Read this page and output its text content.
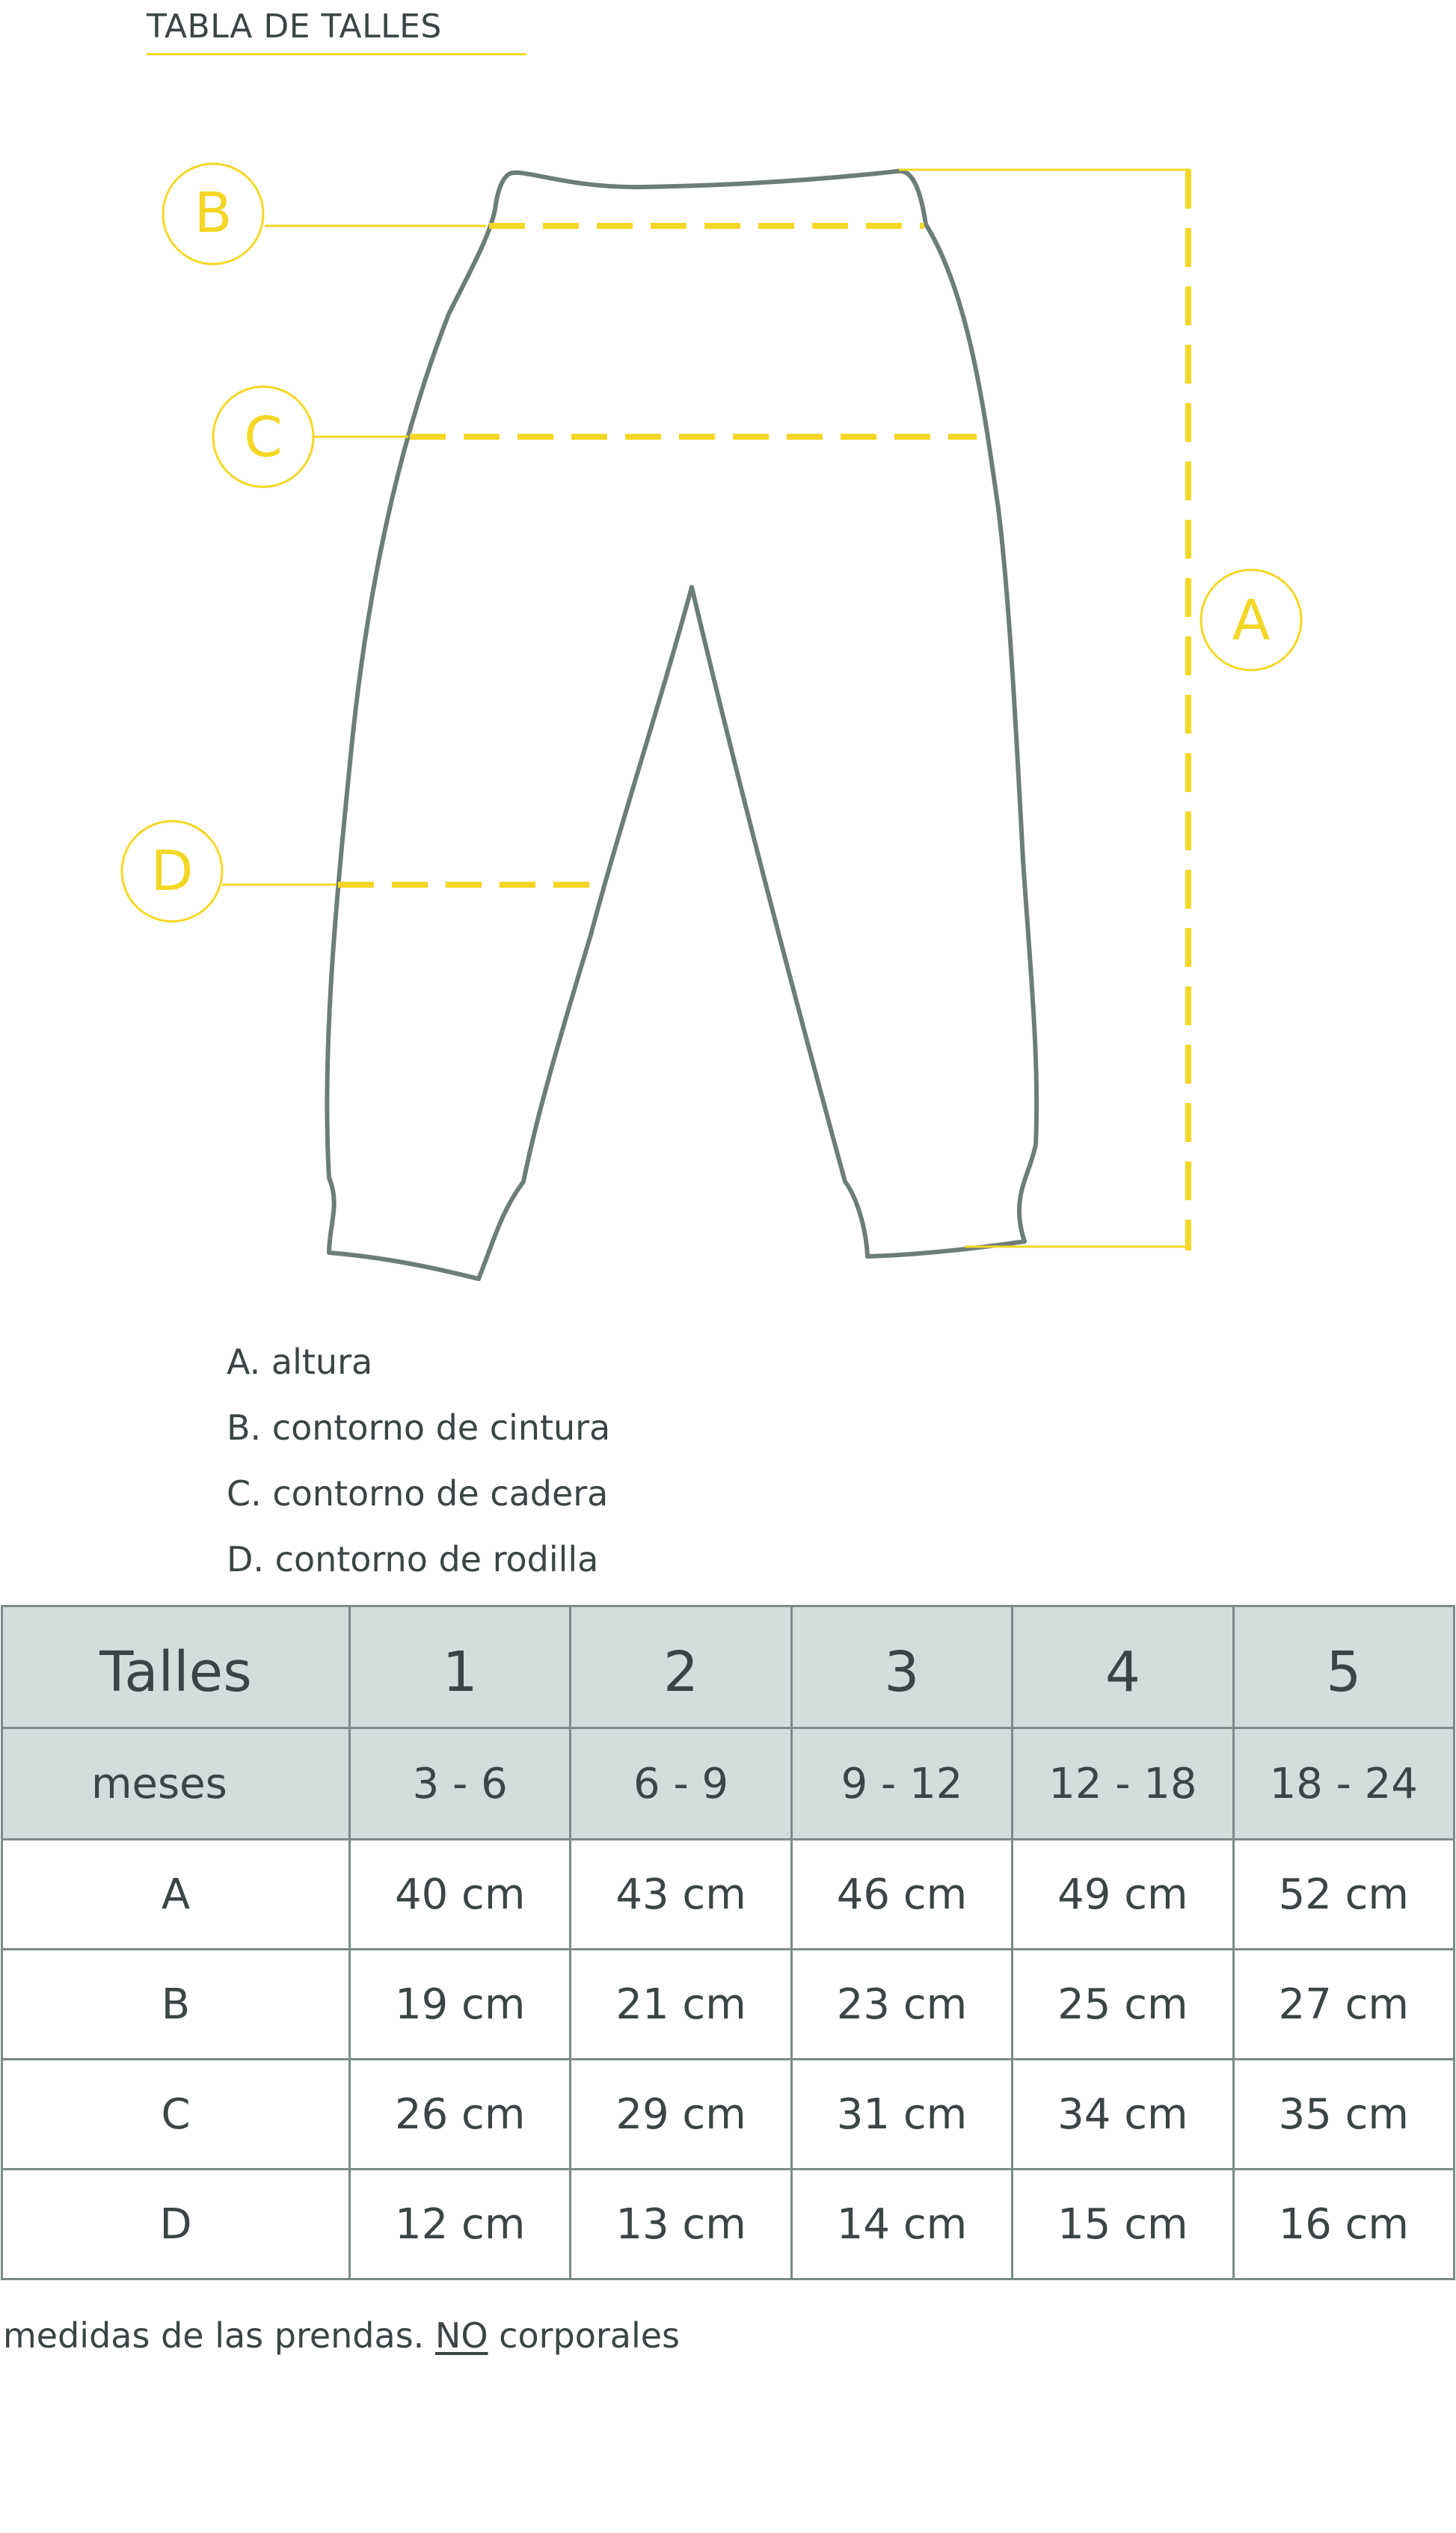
TABLA DE TALLES
B
C
D
A
A. altura
B. contorno de cintura
C. contorno de cadera
D. contorno de rodilla
Talles	1	2	3	4	5
meses	3 - 6	6 - 9	9 - 12	12 - 18	18 - 24
A	40 cm	43 cm	46 cm	49 cm	52 cm
B	19 cm	21 cm	23 cm	25 cm	27 cm
C	26 cm	29 cm	31 cm	34 cm	35 cm
D	12 cm	13 cm	14 cm	15 cm	16 cm
medidas de las prendas. NO corporales
